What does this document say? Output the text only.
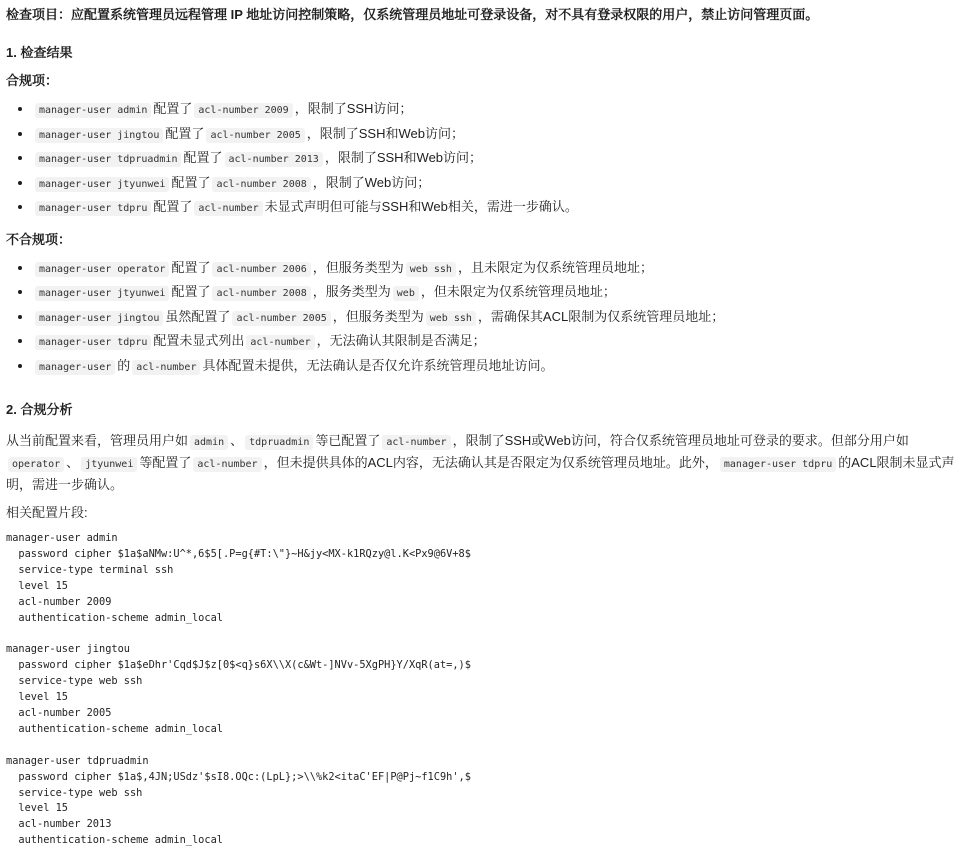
检查项目：应配置系统管理员远程管理 IP 地址访问控制策略，仅系统管理员地址可登录设备，对不具有登录权限的用户，禁止访问管理页面。
1. 检查结果
合规项：
• manager-user admin 配置了 acl-number 2009 ，限制了SSH访问；
• manager-user jingtou 配置了 acl-number 2005 ，限制了SSH和Web访问；
• manager-user tdpruadmin 配置了 acl-number 2013 ，限制了SSH和Web访问；
• manager-user jtyunwei 配置了 acl-number 2008 ，限制了Web访问；
• manager-user tdpru 配置了 acl-number 未显式声明但可能与SSH和Web相关，需进一步确认。
不合规项：
• manager-user operator 配置了 acl-number 2006 ，但服务类型为 web ssh ，且未限定为仅系统管理员地址；
• manager-user jtyunwei 配置了 acl-number 2008 ，服务类型为 web ，但未限定为仅系统管理员地址；
• manager-user jingtou 虽然配置了 acl-number 2005 ，但服务类型为 web ssh ，需确保其ACL限制为仅系统管理员地址；
• manager-user tdpru 配置未显式列出 acl-number ，无法确认其限制是否满足；
• manager-user 的 acl-number 具体配置未提供，无法确认是否仅允许系统管理员地址访问。
2. 合规分析
从当前配置来看，管理员用户如 admin 、 tdpruadmin 等已配置了 acl-number ，限制了SSH或Web访问，符合仅系统管理员地址可登录的要求。但部分用户如operator 、 jtyunwei 等配置了 acl-number ，但未提供具体的ACL内容，无法确认其是否限定为仅系统管理员地址。此外， manager-user tdpru 的ACL限制未显式声明，需进一步确认。
相关配置片段:
manager-user admin
password cipher $1a$aNMw:U^*,6$5[.P=g{#T:\"}~H&jy<MX-k1RQzy@l.K<Px9@6V+8$
service-type terminal ssh
level 15
acl-number 2009
authentication-scheme admin_local

manager-user jingtou
password cipher $1a$eDhr'Cqd$J$z[0$<q}s6X\\X(c&Wt-]NVv-5XgPH}Y/XqR(at=,)$
service-type web ssh
level 15
acl-number 2005
authentication-scheme admin_local

manager-user tdpruadmin
password cipher $1a$,4JN;USdz'$sI8.OQc:(LpL};>\\%k2<itaC'EF|P@Pj~f1C9h',$
service-type web ssh
level 15
acl-number 2013
authentication-scheme admin_local
